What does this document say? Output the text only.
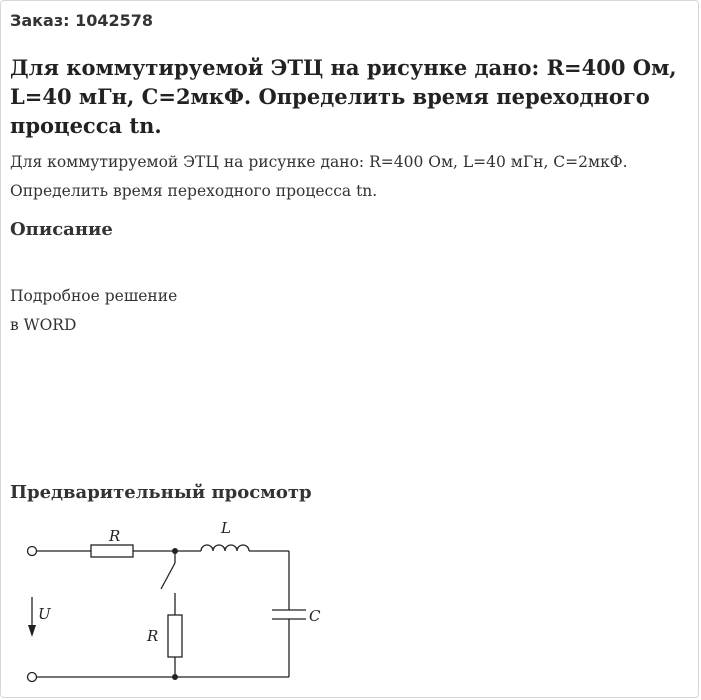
Заказ: 1042578
Для коммутируемой ЭТЦ на рисунке дано: R=400 Ом, L=40 мГн, С=2мкФ. Определить время переходного процесса tn.

Для коммутируемой ЭТЦ на рисунке дано: R=400 Ом, L=40 мГн, С=2мкФ. Определить время переходного процесса tn.

Описание
Подробное решение
в WORD
Предварительный просмотр
R	L
U
R
C
